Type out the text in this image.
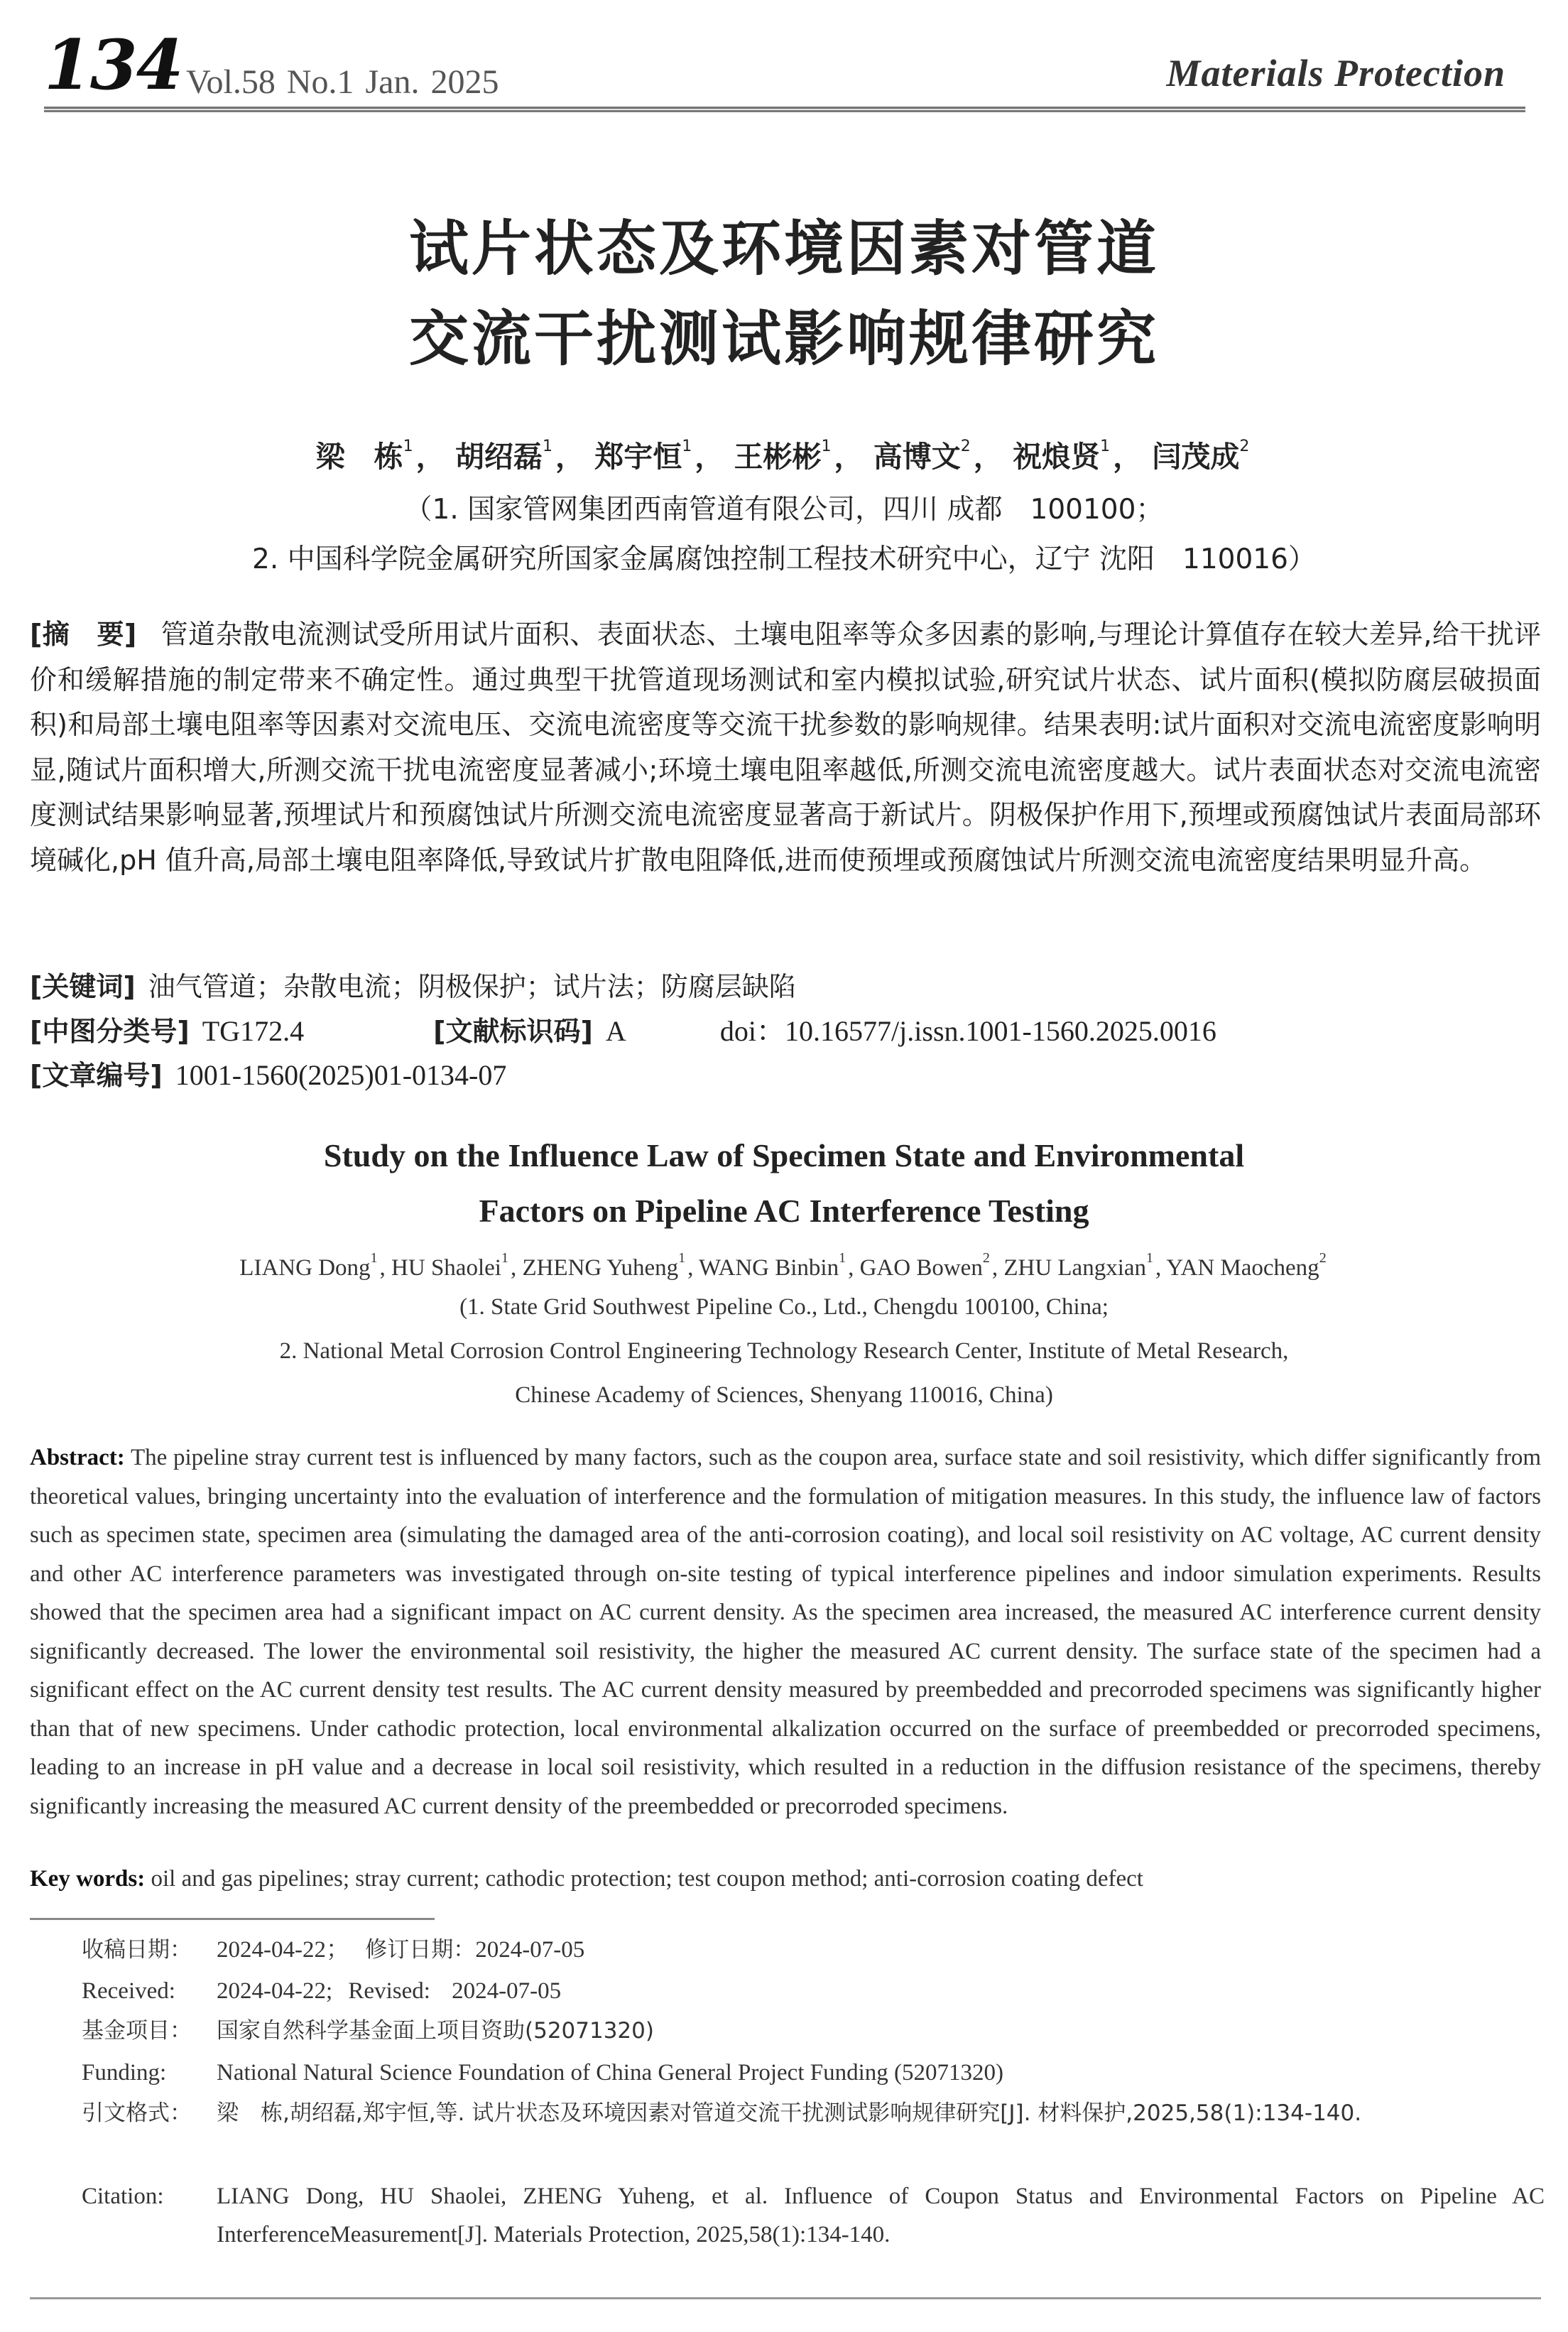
134 Vol.58 No.1 Jan. 2025	Materials Protection
试片状态及环境因素对管道
交流干扰测试影响规律研究
梁　栋$^1$， 胡绍磊$^1$， 郑宇恒$^1$， 王彬彬$^1$， 高博文$^2$， 祝烺贤$^1$， 闫茂成$^2$
（1. 国家管网集团西南管道有限公司，四川 成都　100100；
2. 中国科学院金属研究所国家金属腐蚀控制工程技术研究中心，辽宁 沈阳　110016）
[摘　要] 管道杂散电流测试受所用试片面积、表面状态、土壤电阻率等众多因素的影响,与理论计算值存在较大差异,给干扰评价和缓解措施的制定带来不确定性。通过典型干扰管道现场测试和室内模拟试验,研究试片状态、试片面积(模拟防腐层破损面积)和局部土壤电阻率等因素对交流电压、交流电流密度等交流干扰参数的影响规律。结果表明:试片面积对交流电流密度影响明显,随试片面积增大,所测交流干扰电流密度显著减小;环境土壤电阻率越低,所测交流电流密度越大。试片表面状态对交流电流密度测试结果影响显著,预埋试片和预腐蚀试片所测交流电流密度显著高于新试片。阴极保护作用下,预埋或预腐蚀试片表面局部环境碱化,pH 值升高,局部土壤电阻率降低,导致试片扩散电阻降低,进而使预埋或预腐蚀试片所测交流电流密度结果明显升高。
[关键词] 油气管道；杂散电流；阴极保护；试片法；防腐层缺陷
[中图分类号] TG172.4	[文献标识码] A	doi：10.16577/j.issn.1001-1560.2025.0016
[文章编号] 1001-1560(2025)01-0134-07
Study on the Influence Law of Specimen State and Environmental
Factors on Pipeline AC Interference Testing
LIANG Dong$^1$, HU Shaolei$^1$, ZHENG Yuheng$^1$, WANG Binbin$^1$, GAO Bowen$^2$, ZHU Langxian$^1$, YAN Maocheng$^2$
(1. State Grid Southwest Pipeline Co., Ltd., Chengdu 100100, China;
2. National Metal Corrosion Control Engineering Technology Research Center, Institute of Metal Research,
Chinese Academy of Sciences, Shenyang 110016, China)
Abstract: The pipeline stray current test is influenced by many factors, such as the coupon area, surface state and soil resistivity, which differ significantly from theoretical values, bringing uncertainty into the evaluation of interference and the formulation of mitigation measures. In this study, the influence law of factors such as specimen state, specimen area (simulating the damaged area of the anti-corrosion coating), and local soil resistivity on AC voltage, AC current density and other AC interference parameters was investigated through on-site testing of typical interference pipelines and indoor simulation experiments. Results showed that the specimen area had a significant impact on AC current density. As the specimen area increased, the measured AC interference current density significantly decreased. The lower the environmental soil resistivity, the higher the measured AC current density. The surface state of the specimen had a significant effect on the AC current density test results. The AC current density measured by preembedded and precorroded specimens was significantly higher than that of new specimens. Under cathodic protection, local environmental alkalization occurred on the surface of preembedded or precorroded specimens, leading to an increase in pH value and a decrease in local soil resistivity, which resulted in a reduction in the diffusion resistance of the specimens, thereby significantly increasing the measured AC current density of the preembedded or precorroded specimens.
Key words: oil and gas pipelines; stray current; cathodic protection; test coupon method; anti-corrosion coating defect
收稿日期：	2024-04-22； 修订日期：2024-07-05
Received:	2024-04-22; Revised: 2024-07-05
基金项目：	国家自然科学基金面上项目资助(52071320)
Funding:	National Natural Science Foundation of China General Project Funding (52071320)
引文格式：	梁　栋,胡绍磊,郑宇恒,等. 试片状态及环境因素对管道交流干扰测试影响规律研究[J]. 材料保护,2025,58(1):134-140.
Citation:	LIANG Dong, HU Shaolei, ZHENG Yuheng, et al. Influence of Coupon Status and Environmental Factors on Pipeline AC InterferenceMeasurement[J]. Materials Protection, 2025,58(1):134-140.
